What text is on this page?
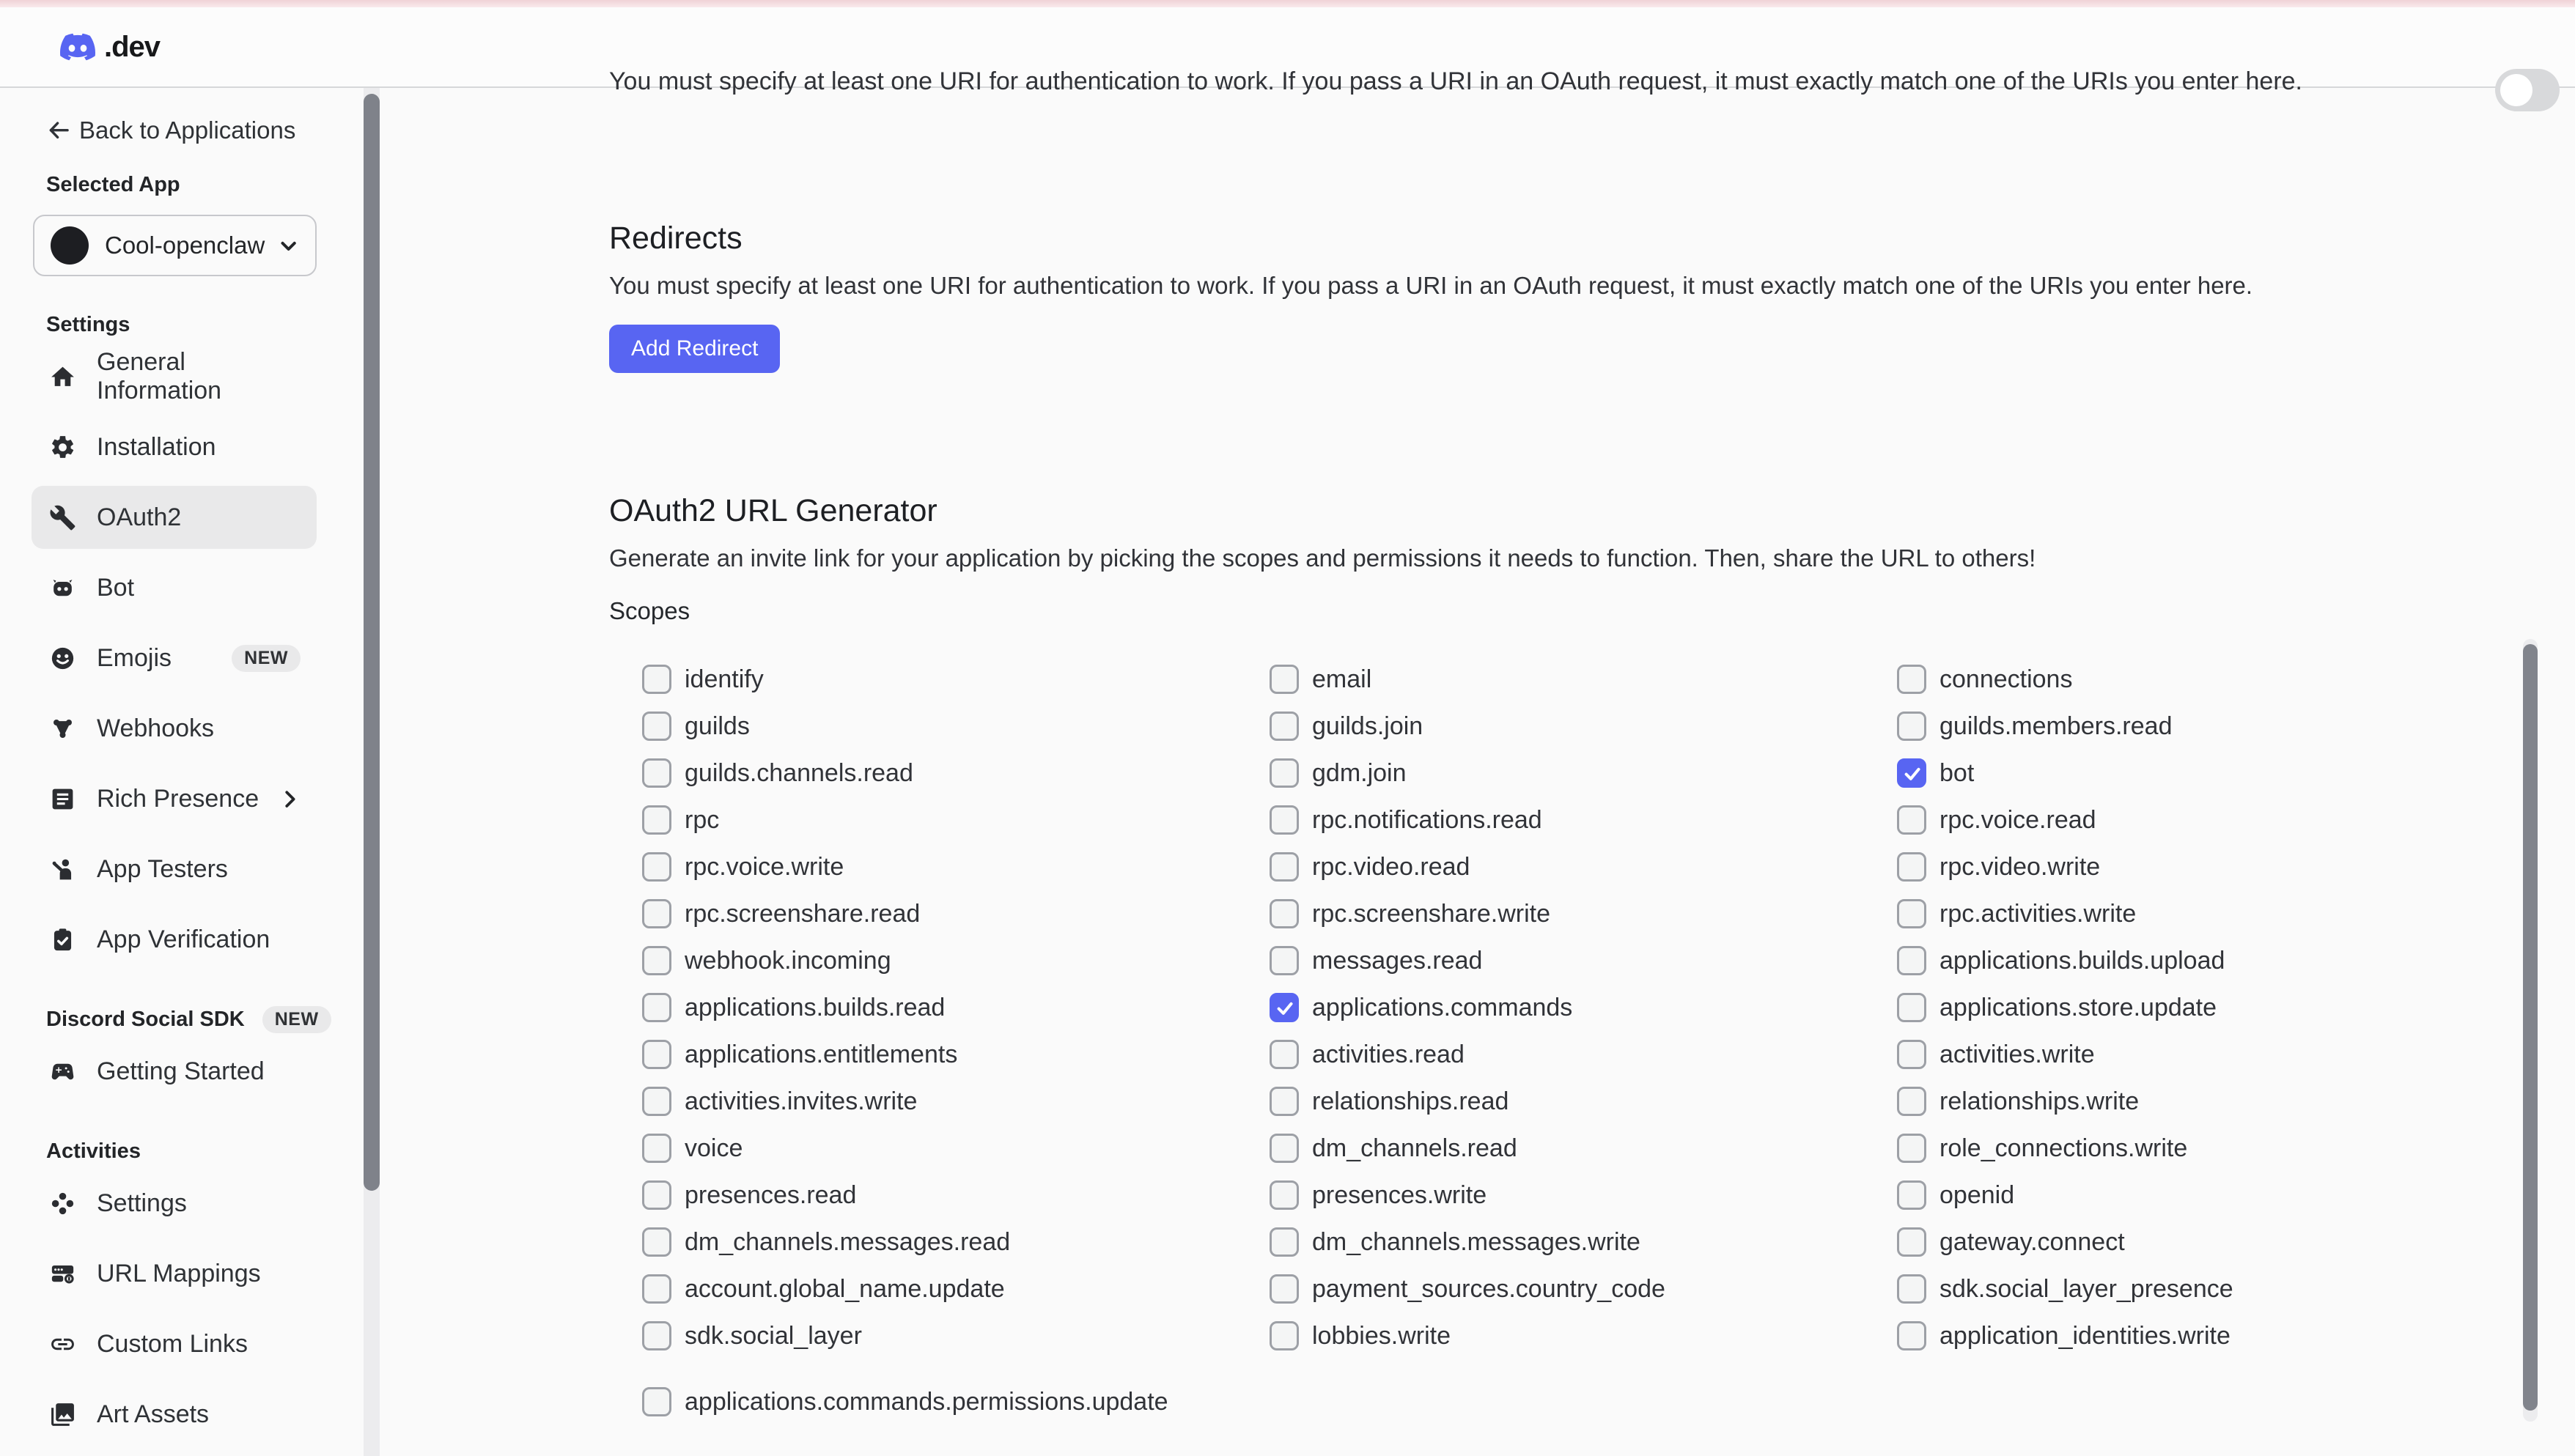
.dev
Back to Applications
Selected App
Cool-openclaw
Settings
General Information
Installation
OAuth2
Bot
Emojis	NEW
Webhooks
Rich Presence
App Testers
App Verification
Discord Social SDK	NEW
Getting Started
Activities
Settings
URL Mappings
Custom Links
Art Assets

You must specify at least one URI for authentication to work. If you pass a URI in an OAuth request, it must exactly match one of the URIs you enter here.

Redirects

You must specify at least one URI for authentication to work. If you pass a URI in an OAuth request, it must exactly match one of the URIs you enter here.

Add Redirect
OAuth2 URL Generator

Generate an invite link for your application by picking the scopes and permissions it needs to function. Then, share the URL to others!

Scopes
identify
guilds
guilds.channels.read
rpc
rpc.voice.write
rpc.screenshare.read
webhook.incoming
applications.builds.read
applications.entitlements
activities.invites.write
voice
presences.read
dm_channels.messages.read
account.global_name.update
sdk.social_layer
email
guilds.join
gdm.join
rpc.notifications.read
rpc.video.read
rpc.screenshare.write
messages.read
applications.commands
activities.read
relationships.read
dm_channels.read
presences.write
dm_channels.messages.write
payment_sources.country_code
lobbies.write
connections
guilds.members.read
bot
rpc.voice.read
rpc.video.write
rpc.activities.write
applications.builds.upload
applications.store.update
activities.write
relationships.write
role_connections.write
openid
gateway.connect
sdk.social_layer_presence
application_identities.write
applications.commands.permissions.update
